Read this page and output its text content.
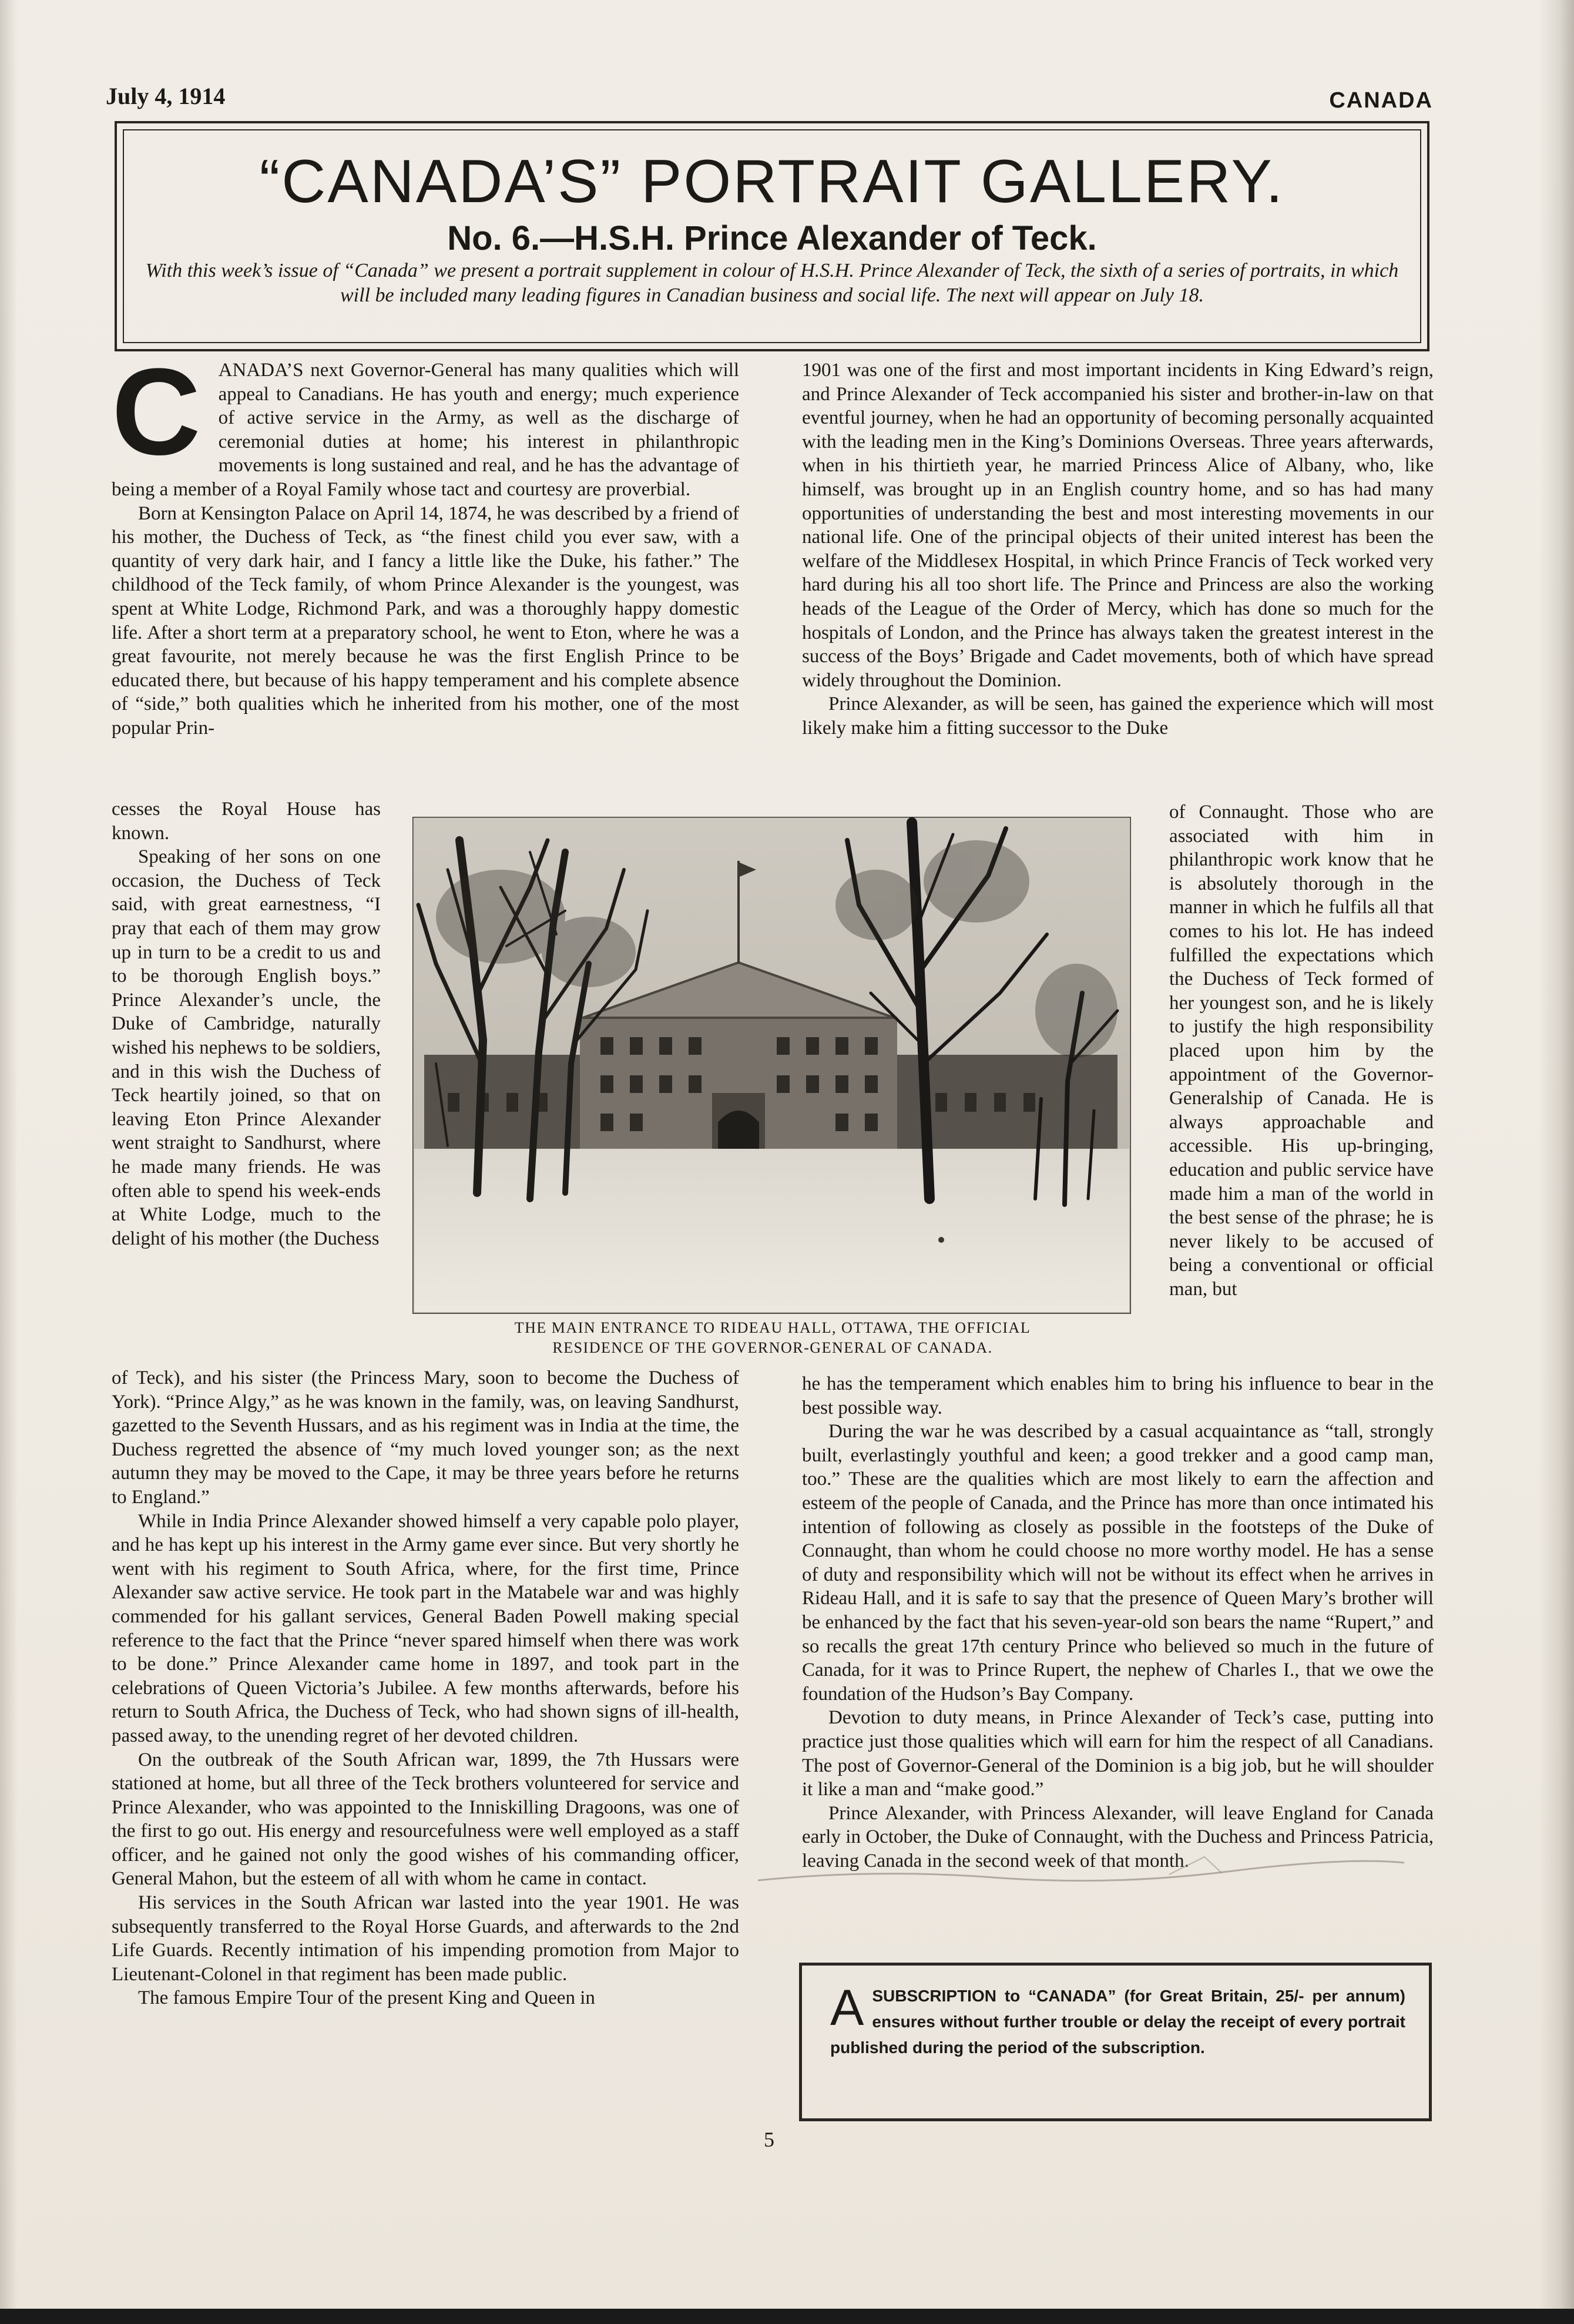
July 4, 1914	CANADA
“CANADA’S” PORTRAIT GALLERY.
No. 6.—H.S.H. Prince Alexander of Teck.
With this week’s issue of “Canada” we present a portrait supplement in colour of H.S.H. Prince Alexander of Teck, the sixth of a series of portraits, in which will be included many leading figures in Canadian business and social life. The next will appear on July 18.
C ANADA’S next Governor-General has many qualities which will appeal to Canadians. He has youth and energy; much experience of active service in the Army, as well as the discharge of ceremonial duties at home; his interest in philanthropic movements is long sustained and real, and he has the advantage of being a member of a Royal Family whose tact and courtesy are proverbial.

Born at Kensington Palace on April 14, 1874, he was described by a friend of his mother, the Duchess of Teck, as “the finest child you ever saw, with a quantity of very dark hair, and I fancy a little like the Duke, his father.” The childhood of the Teck family, of whom Prince Alexander is the youngest, was spent at White Lodge, Richmond Park, and was a thoroughly happy domestic life. After a short term at a preparatory school, he went to Eton, where he was a great favourite, not merely because he was the first English Prince to be educated there, but because of his happy temperament and his complete absence of “side,” both qualities which he inherited from his mother, one of the most popular Prin-

cesses the Royal House has known.

Speaking of her sons on one occasion, the Duchess of Teck said, with great earnestness, “I pray that each of them may grow up in turn to be a credit to us and to be thorough English boys.” Prince Alexander’s uncle, the Duke of Cambridge, naturally wished his nephews to be soldiers, and in this wish the Duchess of Teck heartily joined, so that on leaving Eton Prince Alexander went straight to Sandhurst, where he made many friends. He was often able to spend his week-ends at White Lodge, much to the delight of his mother (the Duchess

of Teck), and his sister (the Princess Mary, soon to become the Duchess of York). “Prince Algy,” as he was known in the family, was, on leaving Sandhurst, gazetted to the Seventh Hussars, and as his regiment was in India at the time, the Duchess regretted the absence of “my much loved younger son; as the next autumn they may be moved to the Cape, it may be three years before he returns to England.”

While in India Prince Alexander showed himself a very capable polo player, and he has kept up his interest in the Army game ever since. But very shortly he went with his regiment to South Africa, where, for the first time, Prince Alexander saw active service. He took part in the Matabele war and was highly commended for his gallant services, General Baden Powell making special reference to the fact that the Prince “never spared himself when there was work to be done.” Prince Alexander came home in 1897, and took part in the celebrations of Queen Victoria’s Jubilee. A few months afterwards, before his return to South Africa, the Duchess of Teck, who had shown signs of ill-health, passed away, to the unending regret of her devoted children.

On the outbreak of the South African war, 1899, the 7th Hussars were stationed at home, but all three of the Teck brothers volunteered for service and Prince Alexander, who was appointed to the Inniskilling Dragoons, was one of the first to go out. His energy and resourcefulness were well employed as a staff officer, and he gained not only the good wishes of his commanding officer, General Mahon, but the esteem of all with whom he came in contact.

His services in the South African war lasted into the year 1901. He was subsequently transferred to the Royal Horse Guards, and afterwards to the 2nd Life Guards. Recently intimation of his impending promotion from Major to Lieutenant-Colonel in that regiment has been made public.

The famous Empire Tour of the present King and Queen in

1901 was one of the first and most important incidents in King Edward’s reign, and Prince Alexander of Teck accompanied his sister and brother-in-law on that eventful journey, when he had an opportunity of becoming personally acquainted with the leading men in the King’s Dominions Overseas. Three years afterwards, when in his thirtieth year, he married Princess Alice of Albany, who, like himself, was brought up in an English country home, and so has had many opportunities of understanding the best and most interesting movements in our national life. One of the principal objects of their united interest has been the welfare of the Middlesex Hospital, in which Prince Francis of Teck worked very hard during his all too short life. The Prince and Princess are also the working heads of the League of the Order of Mercy, which has done so much for the hospitals of London, and the Prince has always taken the greatest interest in the success of the Boys’ Brigade and Cadet movements, both of which have spread widely throughout the Dominion.

Prince Alexander, as will be seen, has gained the experience which will most likely make him a fitting successor to the Duke

of Connaught. Those who are associated with him in philanthropic work know that he is absolutely thorough in the manner in which he fulfils all that comes to his lot. He has indeed fulfilled the expectations which the Duchess of Teck formed of her youngest son, and he is likely to justify the high responsibility placed upon him by the appointment of the Governor-Generalship of Canada. He is always approachable and accessible. His up-bringing, education and public service have made him a man of the world in the best sense of the phrase; he is never likely to be accused of being a conventional or official man, but

he has the temperament which enables him to bring his influence to bear in the best possible way.

During the war he was described by a casual acquaintance as “tall, strongly built, everlastingly youthful and keen; a good trekker and a good camp man, too.” These are the qualities which are most likely to earn the affection and esteem of the people of Canada, and the Prince has more than once intimated his intention of following as closely as possible in the footsteps of the Duke of Connaught, than whom he could choose no more worthy model. He has a sense of duty and responsibility which will not be without its effect when he arrives in Rideau Hall, and it is safe to say that the presence of Queen Mary’s brother will be enhanced by the fact that his seven-year-old son bears the name “Rupert,” and so recalls the great 17th century Prince who believed so much in the future of Canada, for it was to Prince Rupert, the nephew of Charles I., that we owe the foundation of the Hudson’s Bay Company.

Devotion to duty means, in Prince Alexander of Teck’s case, putting into practice just those qualities which will earn for him the respect of all Canadians. The post of Governor-General of the Dominion is a big job, but he will shoulder it like a man and “make good.”

Prince Alexander, with Princess Alexander, will leave England for Canada early in October, the Duke of Connaught, with the Duchess and Princess Patricia, leaving Canada in the second week of that month.

THE MAIN ENTRANCE TO RIDEAU HALL, OTTAWA, THE OFFICIAL
RESIDENCE OF THE GOVERNOR-GENERAL OF CANADA.
A SUBSCRIPTION to “CANADA” (for Great Britain, 25/- per annum) ensures without further trouble or delay the receipt of every portrait published during the period of the subscription.
5
